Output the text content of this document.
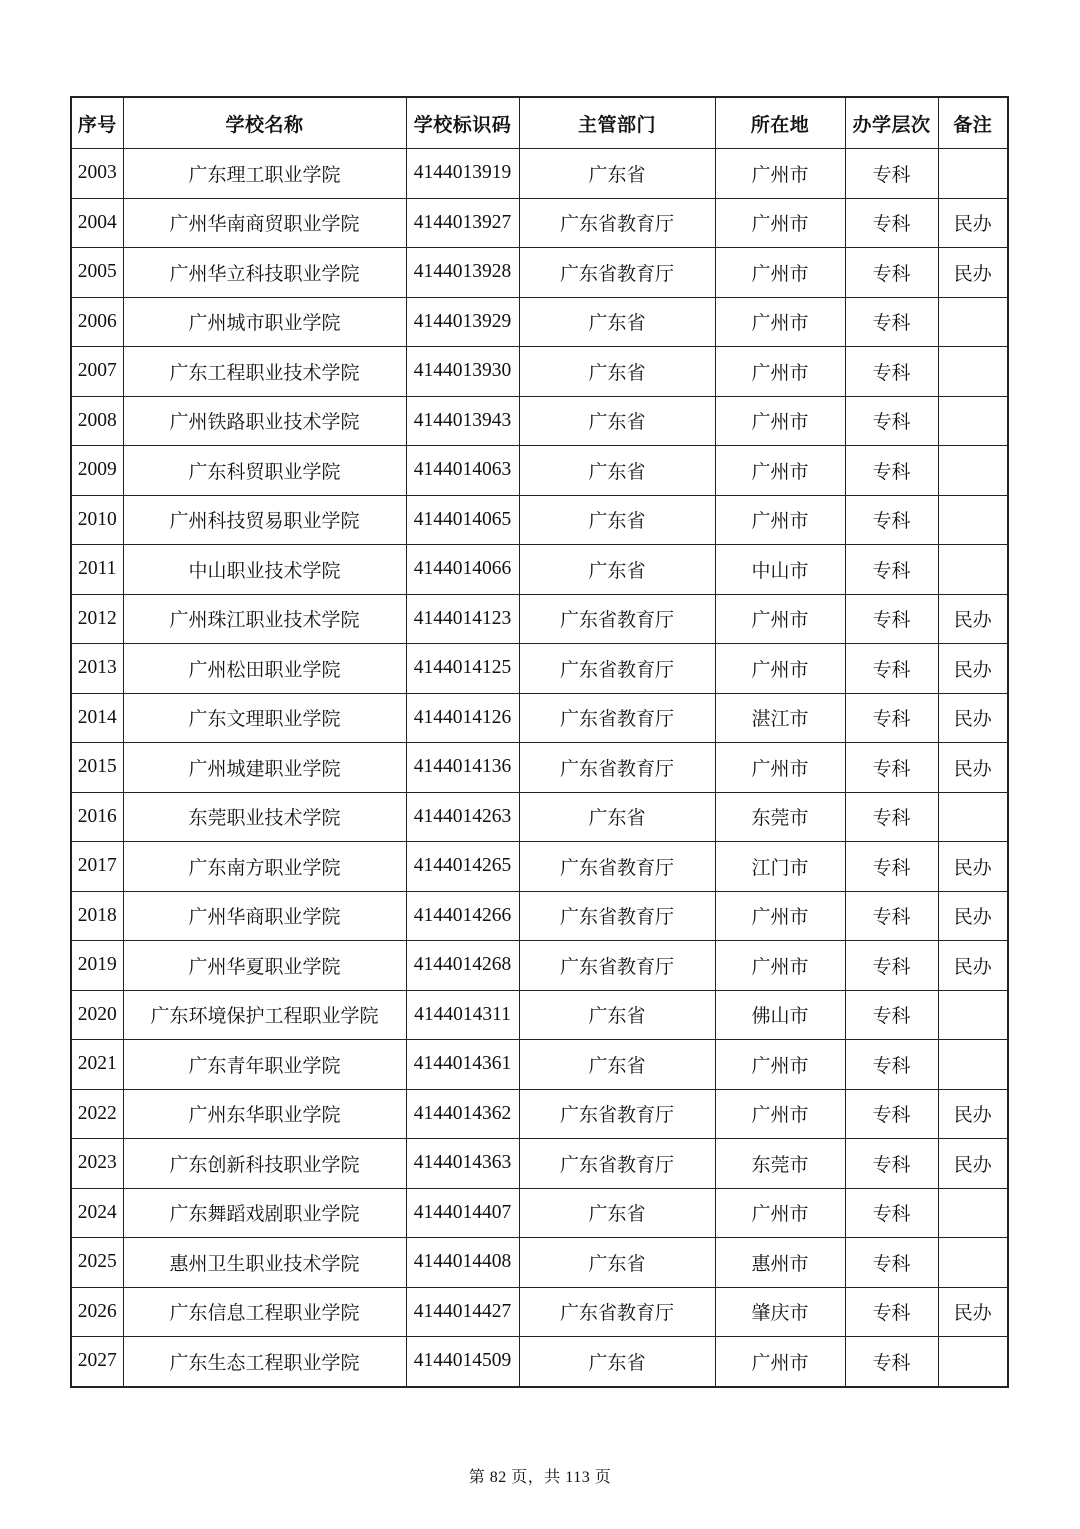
序号	学校名称	学校标识码	主管部门	所在地	办学层次	备注
2003	广东理工职业学院	4144013919	广东省	广州市	专科	
2004	广州华南商贸职业学院	4144013927	广东省教育厅	广州市	专科	民办
2005	广州华立科技职业学院	4144013928	广东省教育厅	广州市	专科	民办
2006	广州城市职业学院	4144013929	广东省	广州市	专科	
2007	广东工程职业技术学院	4144013930	广东省	广州市	专科	
2008	广州铁路职业技术学院	4144013943	广东省	广州市	专科	
2009	广东科贸职业学院	4144014063	广东省	广州市	专科	
2010	广州科技贸易职业学院	4144014065	广东省	广州市	专科	
2011	中山职业技术学院	4144014066	广东省	中山市	专科	
2012	广州珠江职业技术学院	4144014123	广东省教育厅	广州市	专科	民办
2013	广州松田职业学院	4144014125	广东省教育厅	广州市	专科	民办
2014	广东文理职业学院	4144014126	广东省教育厅	湛江市	专科	民办
2015	广州城建职业学院	4144014136	广东省教育厅	广州市	专科	民办
2016	东莞职业技术学院	4144014263	广东省	东莞市	专科	
2017	广东南方职业学院	4144014265	广东省教育厅	江门市	专科	民办
2018	广州华商职业学院	4144014266	广东省教育厅	广州市	专科	民办
2019	广州华夏职业学院	4144014268	广东省教育厅	广州市	专科	民办
2020	广东环境保护工程职业学院	4144014311	广东省	佛山市	专科	
2021	广东青年职业学院	4144014361	广东省	广州市	专科	
2022	广州东华职业学院	4144014362	广东省教育厅	广州市	专科	民办
2023	广东创新科技职业学院	4144014363	广东省教育厅	东莞市	专科	民办
2024	广东舞蹈戏剧职业学院	4144014407	广东省	广州市	专科	
2025	惠州卫生职业技术学院	4144014408	广东省	惠州市	专科	
2026	广东信息工程职业学院	4144014427	广东省教育厅	肇庆市	专科	民办
2027	广东生态工程职业学院	4144014509	广东省	广州市	专科	
第 82 页，共 113 页
